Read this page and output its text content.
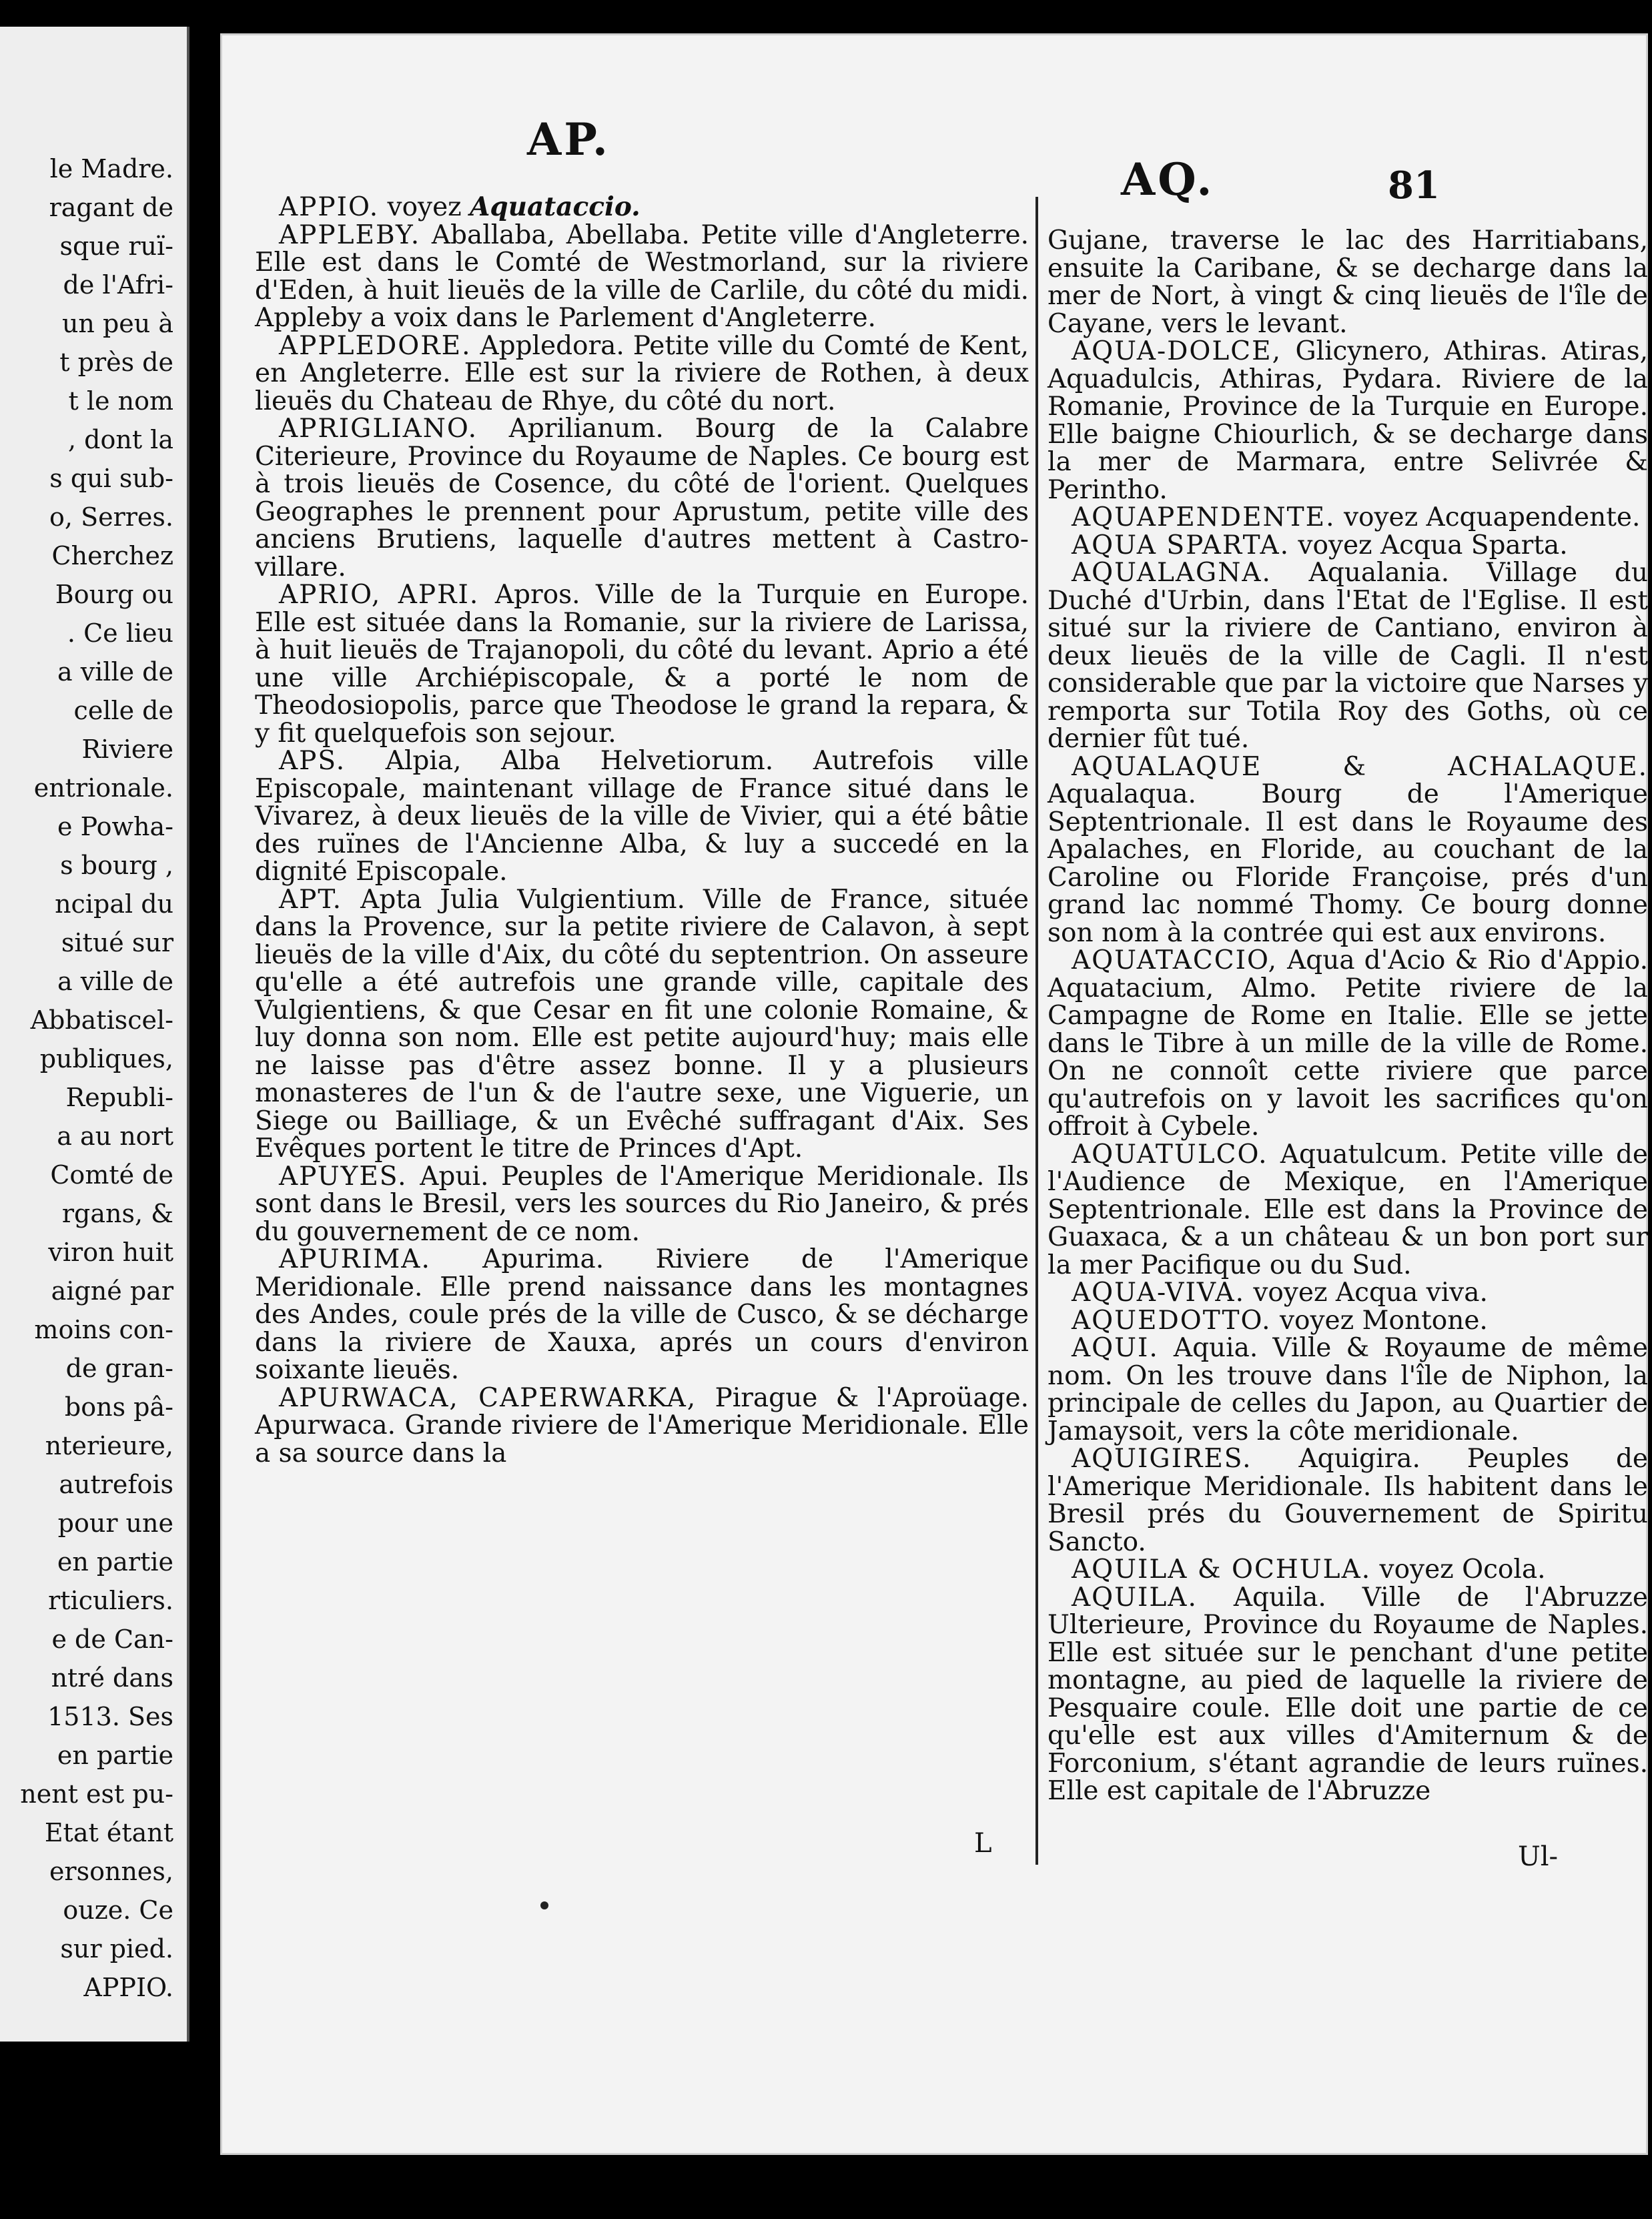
le Madre.
ragant de
sque ruï-
de l'Afri-
un peu à
t près de
t le nom
, dont la
s qui sub-
o, Serres.
Cherchez
Bourg ou
. Ce lieu
a ville de
celle de
Riviere
entrionale.
e Powha-
s bourg ,
ncipal du
situé sur
a ville de
Abbatiscel-
publiques,
Republi-
a au nort
Comté de
rgans, &
viron huit
aigné par
moins con-
de gran-
bons pâ-
nterieure,
autrefois
pour une
en partie
rticuliers.
e de Can-
ntré dans
1513. Ses
en partie
nent est pu-
Etat étant
ersonnes,
ouze. Ce
sur pied.
APPIO.
AP.
AQ.	81

APPIO. voyez Aquataccio.

APPLEBY. Aballaba, Abellaba. Petite ville d'Angleterre. Elle est dans le Comté de Westmorland, sur la riviere d'Eden, à huit lieuës de la ville de Carlile, du côté du midi. Appleby a voix dans le Parlement d'Angleterre.

APPLEDORE. Appledora. Petite ville du Comté de Kent, en Angleterre. Elle est sur la riviere de Rothen, à deux lieuës du Chateau de Rhye, du côté du nort.

APRIGLIANO. Aprilianum. Bourg de la Calabre Citerieure, Province du Royaume de Naples. Ce bourg est à trois lieuës de Cosence, du côté de l'orient. Quelques Geographes le prennent pour Aprustum, petite ville des anciens Brutiens, laquelle d'autres mettent à Castro-villare.

APRIO, APRI. Apros. Ville de la Turquie en Europe. Elle est située dans la Romanie, sur la riviere de Larissa, à huit lieuës de Trajanopoli, du côté du levant. Aprio a été une ville Archiépiscopale, & a porté le nom de Theodosiopolis, parce que Theodose le grand la repara, & y fit quelquefois son sejour.

APS. Alpia, Alba Helvetiorum. Autrefois ville Episcopale, maintenant village de France situé dans le Vivarez, à deux lieuës de la ville de Vivier, qui a été bâtie des ruïnes de l'Ancienne Alba, & luy a succedé en la dignité Episcopale.

APT. Apta Julia Vulgientium. Ville de France, située dans la Provence, sur la petite riviere de Calavon, à sept lieuës de la ville d'Aix, du côté du septentrion. On asseure qu'elle a été autrefois une grande ville, capitale des Vulgientiens, & que Cesar en fit une colonie Romaine, & luy donna son nom. Elle est petite aujourd'huy; mais elle ne laisse pas d'être assez bonne. Il y a plusieurs monasteres de l'un & de l'autre sexe, une Viguerie, un Siege ou Bailliage, & un Evêché suffragant d'Aix. Ses Evêques portent le titre de Princes d'Apt.

APUYES. Apui. Peuples de l'Amerique Meridionale. Ils sont dans le Bresil, vers les sources du Rio Janeiro, & prés du gouvernement de ce nom.

APURIMA. Apurima. Riviere de l'Amerique Meridionale. Elle prend naissance dans les montagnes des Andes, coule prés de la ville de Cusco, & se décharge dans la riviere de Xauxa, aprés un cours d'environ soixante lieuës.

APURWACA, CAPERWARKA, Pirague & l'Aproüage. Apurwaca. Grande riviere de l'Amerique Meridionale. Elle a sa source dans la

Gujane, traverse le lac des Harritiabans, ensuite la Caribane, & se decharge dans la mer de Nort, à vingt & cinq lieuës de l'île de Cayane, vers le levant.

AQUA-DOLCE, Glicynero, Athiras. Atiras, Aquadulcis, Athiras, Pydara. Riviere de la Romanie, Province de la Turquie en Europe. Elle baigne Chiourlich, & se decharge dans la mer de Marmara, entre Selivrée & Perintho.

AQUAPENDENTE. voyez Acquapendente.

AQUA SPARTA. voyez Acqua Sparta.

AQUALAGNA. Aqualania. Village du Duché d'Urbin, dans l'Etat de l'Eglise. Il est situé sur la riviere de Cantiano, environ à deux lieuës de la ville de Cagli. Il n'est considerable que par la victoire que Narses y remporta sur Totila Roy des Goths, où ce dernier fût tué.

AQUALAQUE & ACHALAQUE. Aqualaqua. Bourg de l'Amerique Septentrionale. Il est dans le Royaume des Apalaches, en Floride, au couchant de la Caroline ou Floride Françoise, prés d'un grand lac nommé Thomy. Ce bourg donne son nom à la contrée qui est aux environs.

AQUATACCIO, Aqua d'Acio & Rio d'Appio. Aquatacium, Almo. Petite riviere de la Campagne de Rome en Italie. Elle se jette dans le Tibre à un mille de la ville de Rome. On ne connoît cette riviere que parce qu'autrefois on y lavoit les sacrifices qu'on offroit à Cybele.

AQUATULCO. Aquatulcum. Petite ville de l'Audience de Mexique, en l'Amerique Septentrionale. Elle est dans la Province de Guaxaca, & a un château & un bon port sur la mer Pacifique ou du Sud.

AQUA-VIVA. voyez Acqua viva.

AQUEDOTTO. voyez Montone.

AQUI. Aquia. Ville & Royaume de même nom. On les trouve dans l'île de Niphon, la principale de celles du Japon, au Quartier de Jamaysoit, vers la côte meridionale.

AQUIGIRES. Aquigira. Peuples de l'Amerique Meridionale. Ils habitent dans le Bresil prés du Gouvernement de Spiritu Sancto.

AQUILA & OCHULA. voyez Ocola.

AQUILA. Aquila. Ville de l'Abruzze Ulterieure, Province du Royaume de Naples. Elle est située sur le penchant d'une petite montagne, au pied de laquelle la riviere de Pesquaire coule. Elle doit une partie de ce qu'elle est aux villes d'Amiternum & de Forconium, s'étant agrandie de leurs ruïnes. Elle est capitale de l'Abruzze

L	Ul-
